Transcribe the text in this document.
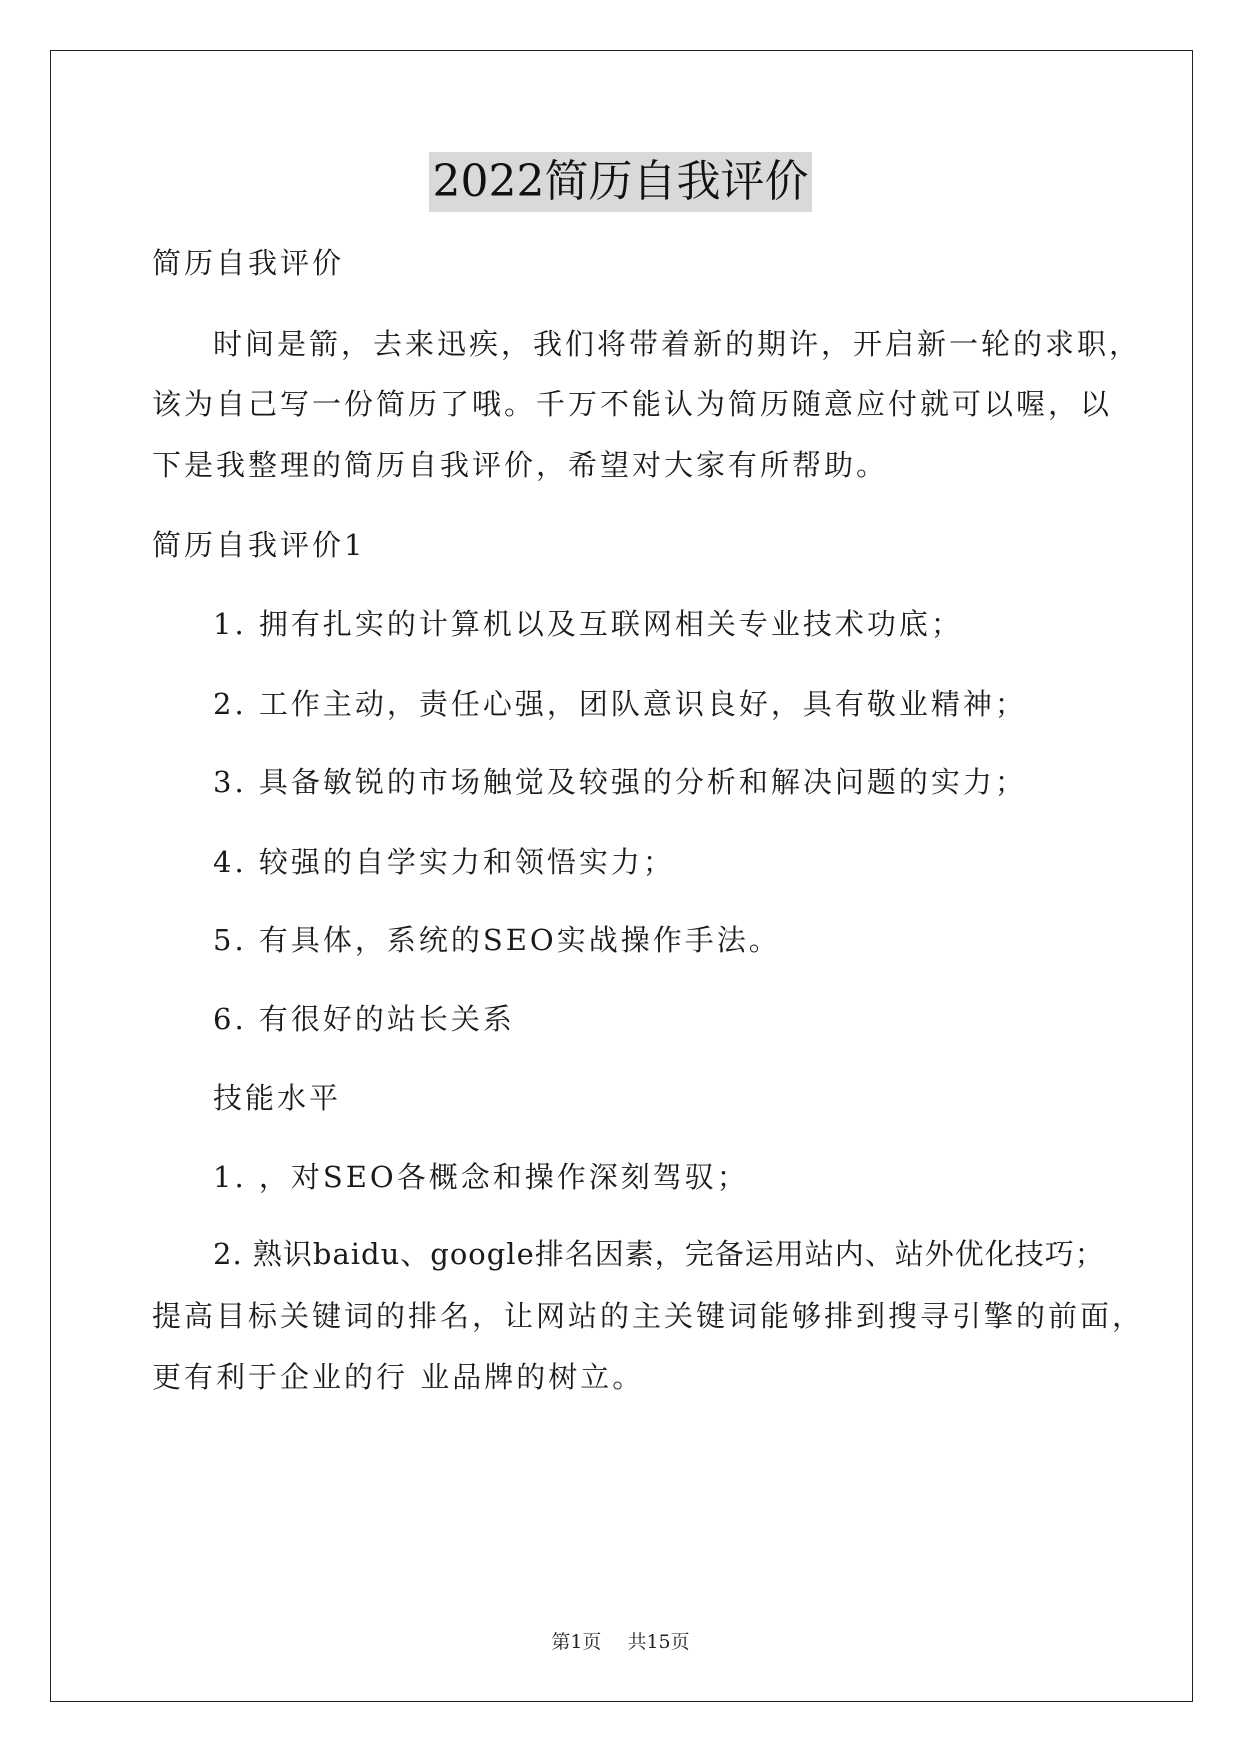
2022简历自我评价
简历自我评价
时间是箭，去来迅疾，我们将带着新的期许，开启新一轮的求职，
该为自己写一份简历了哦。千万不能认为简历随意应付就可以喔，以
下是我整理的简历自我评价，希望对大家有所帮助。
简历自我评价1
1. 拥有扎实的计算机以及互联网相关专业技术功底；
2. 工作主动，责任心强，团队意识良好，具有敬业精神；
3. 具备敏锐的市场触觉及较强的分析和解决问题的实力；
4. 较强的自学实力和领悟实力；
5. 有具体，系统的SEO实战操作手法。
6. 有很好的站长关系
技能水平
1. ，对SEO各概念和操作深刻驾驭；
2. 熟识baidu、google排名因素，完备运用站内、站外优化技巧；
提高目标关键词的排名，让网站的主关键词能够排到搜寻引擎的前面，
更有利于企业的行 业品牌的树立。
第1页 共15页
